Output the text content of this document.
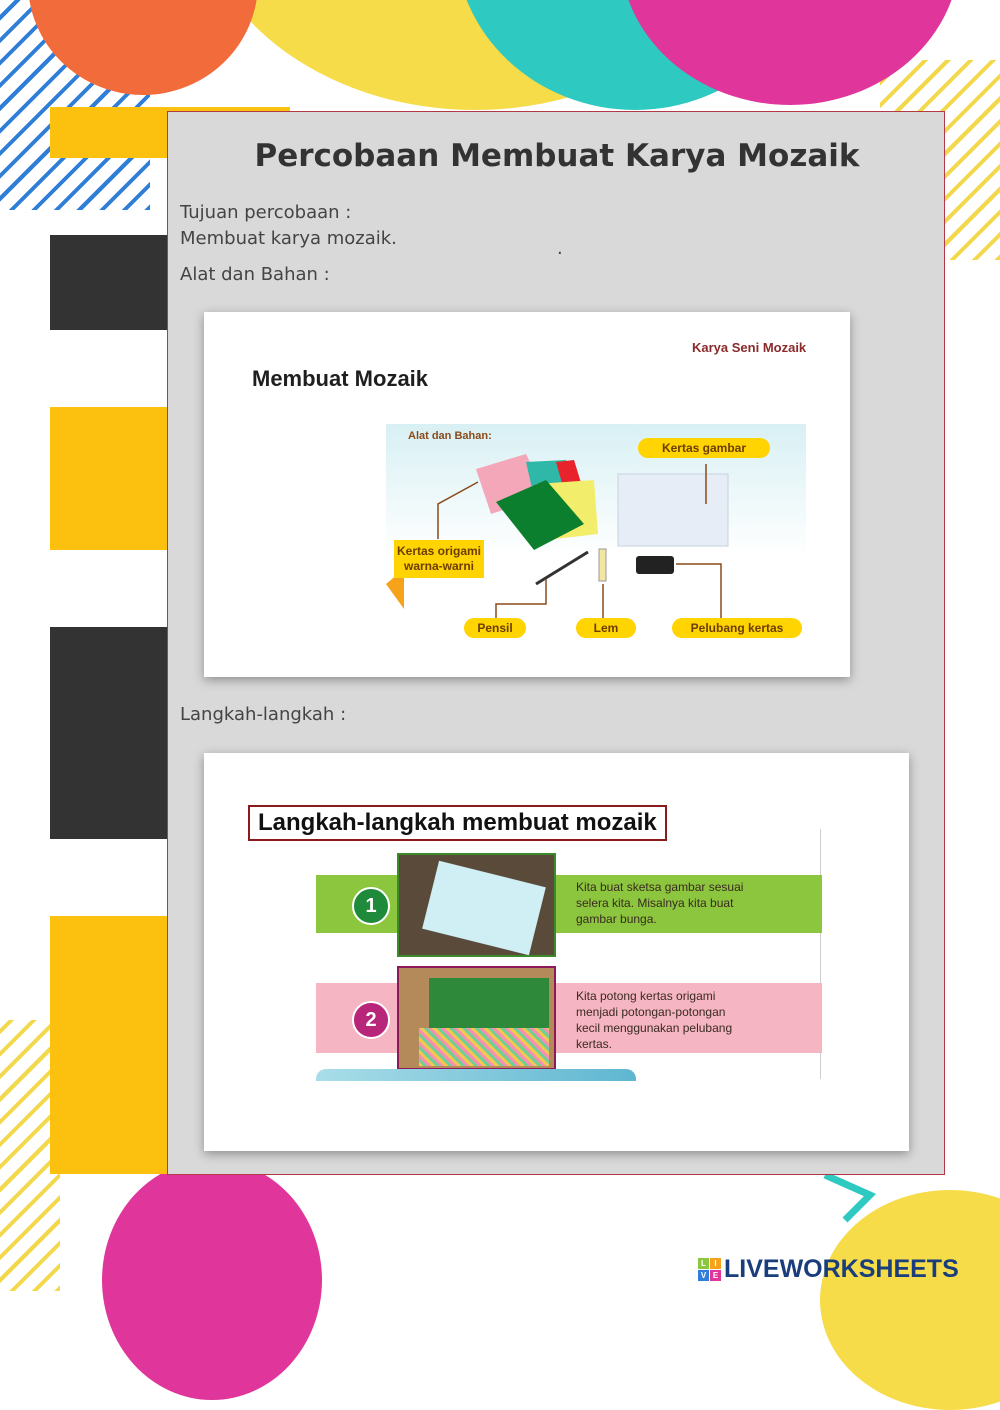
Percobaan Membuat Karya Mozaik
Tujuan percobaan :
Membuat karya mozaik.	.
Alat dan Bahan :
Karya Seni Mozaik
Membuat Mozaik
Alat dan Bahan:
Kertas gambar
Kertas origami
warna-warni
Pensil	Lem	Pelubang kertas
Langkah-langkah :
Langkah-langkah membuat mozaik
1
Kita buat sketsa gambar sesuai
selera kita. Misalnya kita buat
gambar bunga.
2
Kita potong kertas origami
menjadi potongan-potongan
kecil menggunakan pelubang
kertas.
L	I
V E LIVEWORKSHEETS
